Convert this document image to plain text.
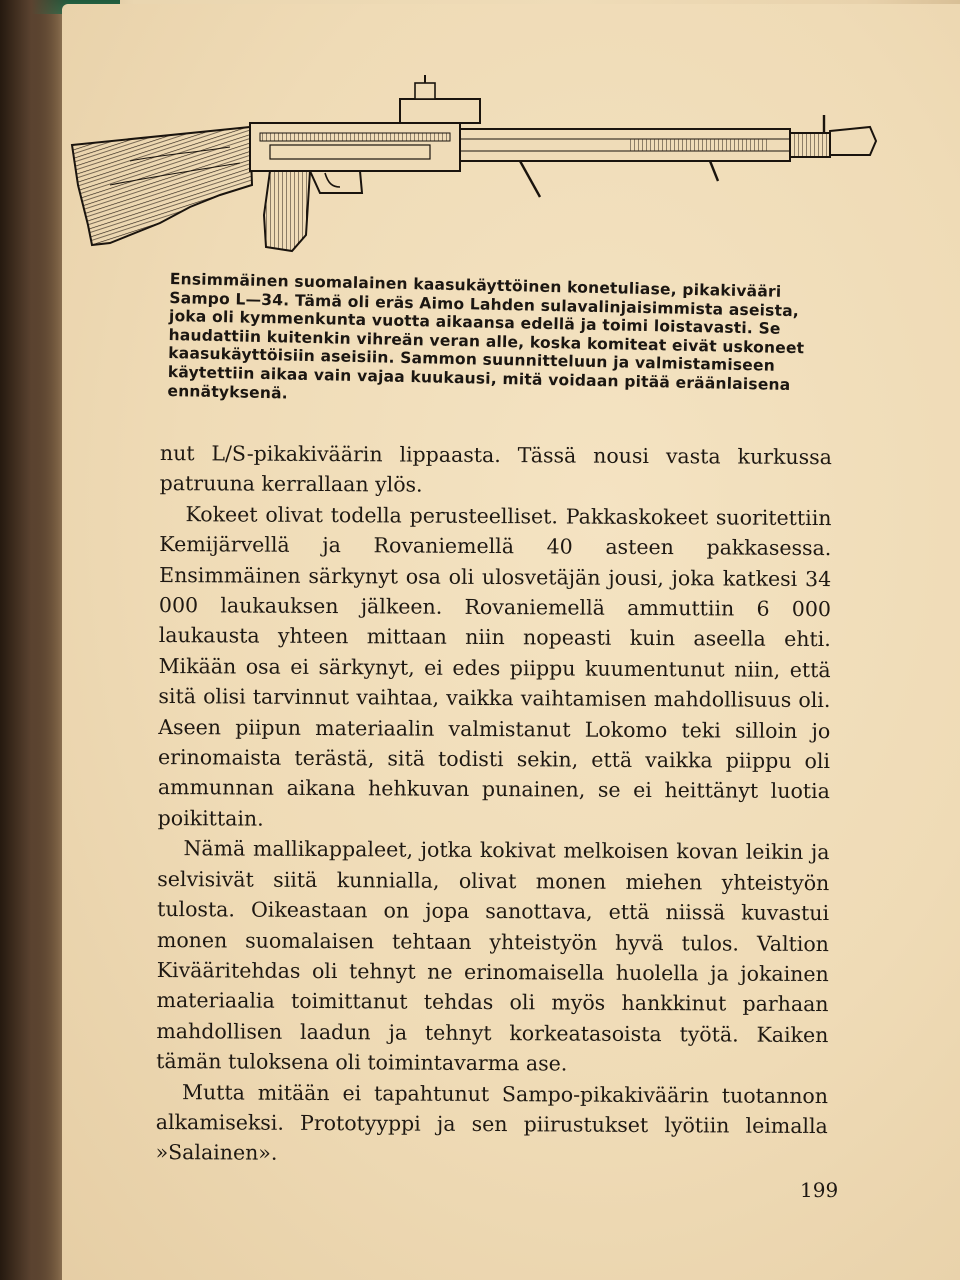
Ensimmäinen suomalainen kaasukäyttöinen konetuliase, pikakivääri Sampo L—34. Tämä oli eräs Aimo Lahden sulavalinjaisimmista aseista, joka oli kymmenkunta vuotta aikaansa edellä ja toimi loistavasti. Se haudattiin kuitenkin vihreän veran alle, koska komiteat eivät uskoneet kaasukäyttöisiin aseisiin. Sammon suunnitteluun ja valmistamiseen käytettiin aikaa vain vajaa kuukausi, mitä voidaan pitää eräänlaisena ennätyksenä.

nut L/S-pikakiväärin lippaasta. Tässä nousi vasta kurkussa patruuna kerrallaan ylös.

Kokeet olivat todella perusteelliset. Pakkaskokeet suoritettiin Kemijärvellä ja Rovaniemellä 40 asteen pakkasessa. Ensimmäinen särkynyt osa oli ulosvetäjän jousi, joka katkesi 34 000 laukauksen jälkeen. Rovaniemellä ammuttiin 6 000 laukausta yhteen mittaan niin nopeasti kuin aseella ehti. Mikään osa ei särkynyt, ei edes piippu kuumentunut niin, että sitä olisi tarvinnut vaihtaa, vaikka vaihtamisen mahdollisuus oli. Aseen piipun materiaalin valmistanut Lokomo teki silloin jo erinomaista terästä, sitä todisti sekin, että vaikka piippu oli ammunnan aikana hehkuvan punainen, se ei heittänyt luotia poikittain.

Nämä mallikappaleet, jotka kokivat melkoisen kovan leikin ja selvisivät siitä kunnialla, olivat monen miehen yhteistyön tulosta. Oikeastaan on jopa sanottava, että niissä kuvastui monen suomalaisen tehtaan yhteistyön hyvä tulos. Valtion Kivääritehdas oli tehnyt ne erinomaisella huolella ja jokainen materiaalia toimittanut tehdas oli myös hankkinut parhaan mahdollisen laadun ja tehnyt korkeatasoista työtä. Kaiken tämän tuloksena oli toimintavarma ase.

Mutta mitään ei tapahtunut Sampo-pikakiväärin tuotannon alkamiseksi. Prototyyppi ja sen piirustukset lyötiin leimalla »Salainen».

199
